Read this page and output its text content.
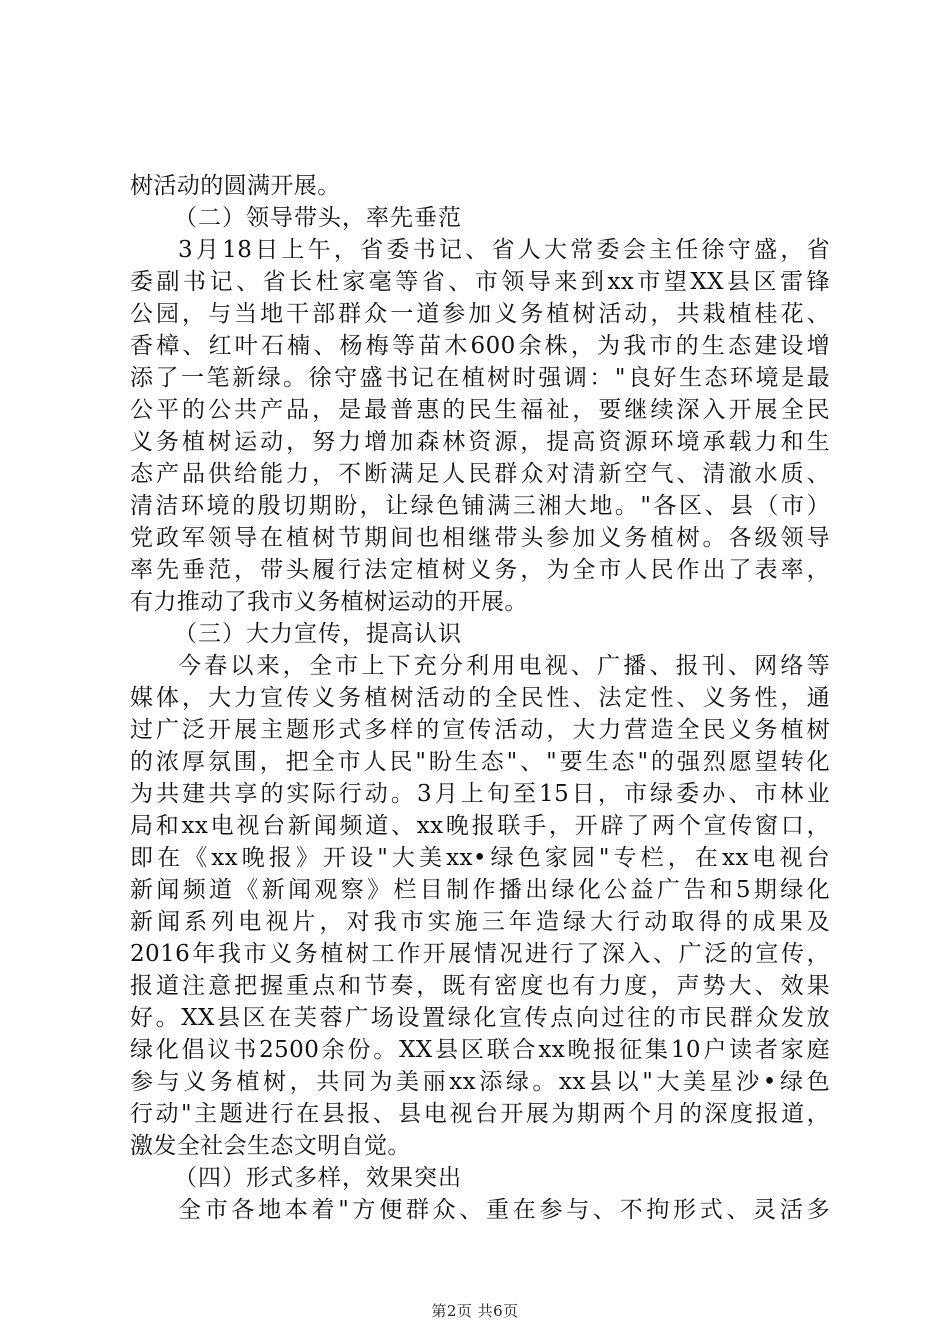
树活动的圆满开展。
（二）领导带头，率先垂范
3月18日上午，省委书记、省人大常委会主任徐守盛，省
委副书记、省长杜家毫等省、市领导来到xx市望XX县区雷锋
公园，与当地干部群众一道参加义务植树活动，共栽植桂花、
香樟、红叶石楠、杨梅等苗木600余株，为我市的生态建设增
添了一笔新绿。徐守盛书记在植树时强调："良好生态环境是最
公平的公共产品，是最普惠的民生福祉，要继续深入开展全民
义务植树运动，努力增加森林资源，提高资源环境承载力和生
态产品供给能力，不断满足人民群众对清新空气、清澈水质、
清洁环境的殷切期盼，让绿色铺满三湘大地。"各区、县（市）
党政军领导在植树节期间也相继带头参加义务植树。各级领导
率先垂范，带头履行法定植树义务，为全市人民作出了表率，
有力推动了我市义务植树运动的开展。
（三）大力宣传，提高认识
今春以来，全市上下充分利用电视、广播、报刊、网络等
媒体，大力宣传义务植树活动的全民性、法定性、义务性，通
过广泛开展主题形式多样的宣传活动，大力营造全民义务植树
的浓厚氛围，把全市人民"盼生态"、"要生态"的强烈愿望转化
为共建共享的实际行动。3月上旬至15日，市绿委办、市林业
局和xx电视台新闻频道、xx晚报联手，开辟了两个宣传窗口，
即在《xx晚报》开设"大美xx•绿色家园"专栏，在xx电视台
新闻频道《新闻观察》栏目制作播出绿化公益广告和5期绿化
新闻系列电视片，对我市实施三年造绿大行动取得的成果及
2016年我市义务植树工作开展情况进行了深入、广泛的宣传，
报道注意把握重点和节奏，既有密度也有力度，声势大、效果
好。XX县区在芙蓉广场设置绿化宣传点向过往的市民群众发放
绿化倡议书2500余份。XX县区联合xx晚报征集10户读者家庭
参与义务植树，共同为美丽xx添绿。xx县以"大美星沙•绿色
行动"主题进行在县报、县电视台开展为期两个月的深度报道，
激发全社会生态文明自觉。
（四）形式多样，效果突出
全市各地本着"方便群众、重在参与、不拘形式、灵活多
第2页 共6页
